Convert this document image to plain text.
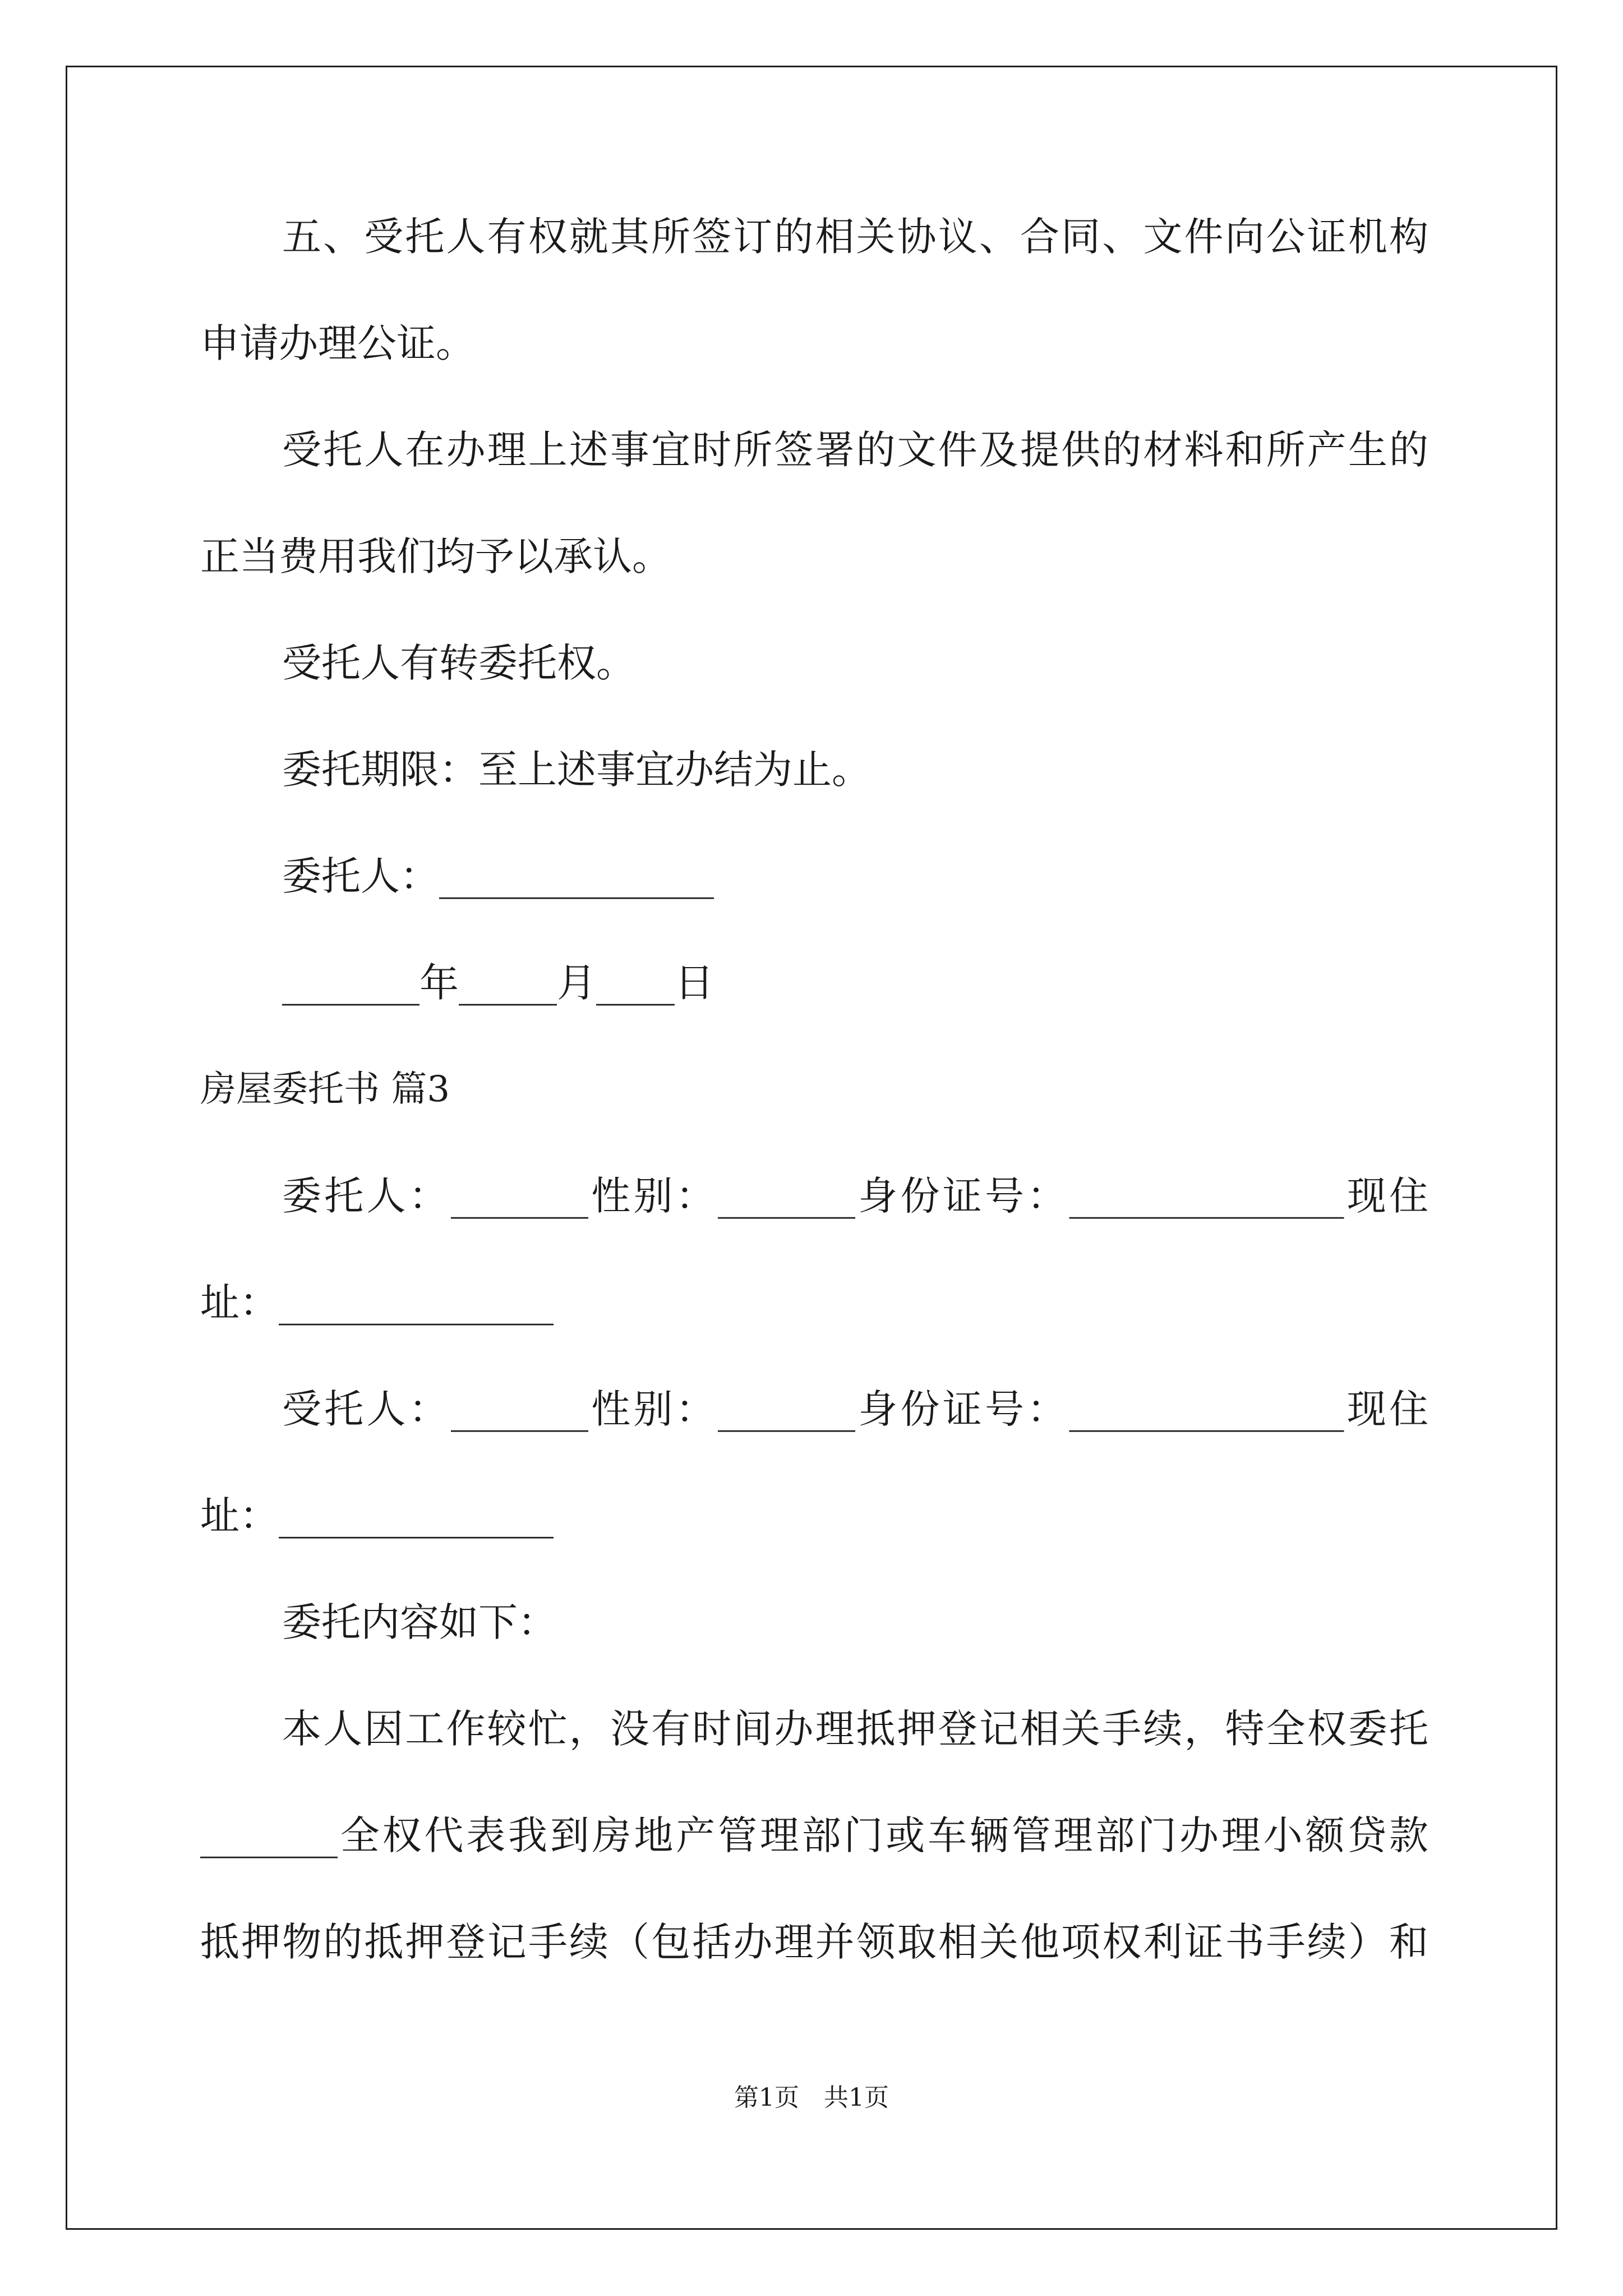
五、受托人有权就其所签订的相关协议、合同、文件向公证机构
申请办理公证。
受托人在办理上述事宜时所签署的文件及提供的材料和所产生的
正当费用我们均予以承认。
受托人有转委托权。
委托期限：至上述事宜办结为止。
委托人：______________
_______年_____月____日
房屋委托书 篇3
委托人：_______性别：_______身份证号：______________现住
址：______________
受托人：_______性别：_______身份证号：______________现住
址：______________
委托内容如下：
本人因工作较忙，没有时间办理抵押登记相关手续，特全权委托
_______全权代表我到房地产管理部门或车辆管理部门办理小额贷款
抵押物的抵押登记手续（包括办理并领取相关他项权利证书手续）和
第1页　共1页
